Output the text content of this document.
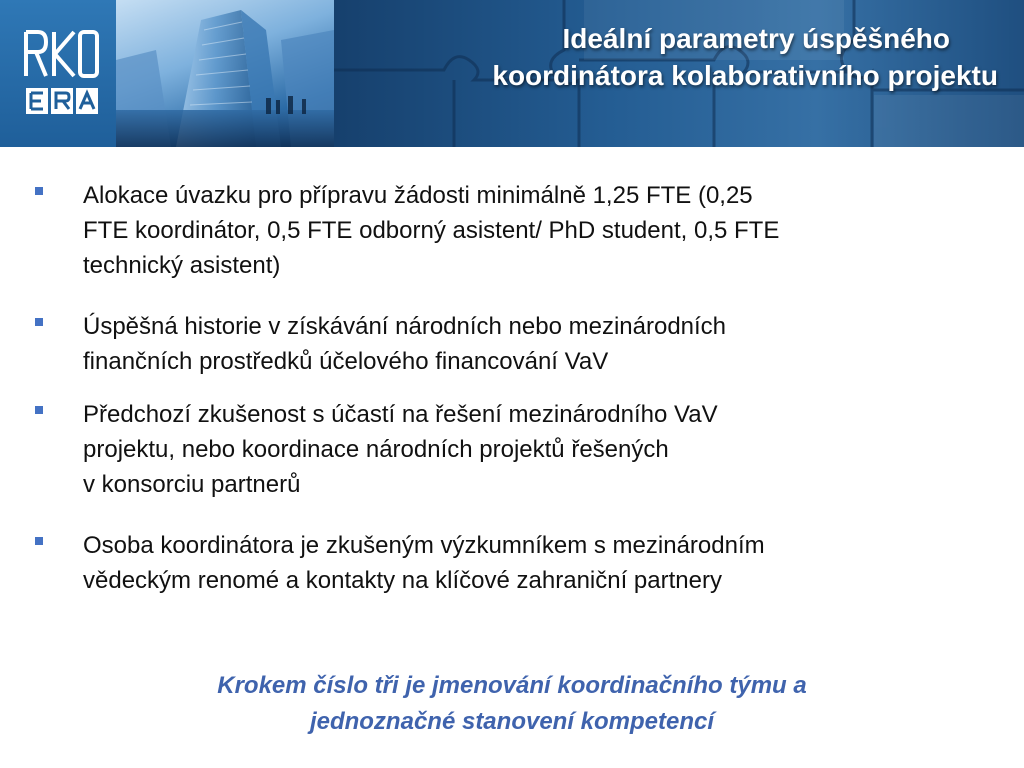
Ideální parametry úspěšného
koordinátora kolaborativního projektu
Alokace úvazku pro přípravu žádosti minimálně 1,25 FTE (0,25
FTE koordinátor, 0,5 FTE odborný asistent/ PhD student, 0,5 FTE
technický asistent)
Úspěšná historie v získávání národních nebo mezinárodních
finančních prostředků účelového financování VaV
Předchozí zkušenost s účastí na řešení mezinárodního VaV
projektu, nebo koordinace národních projektů řešených
v konsorciu partnerů
Osoba koordinátora je zkušeným výzkumníkem s mezinárodním
vědeckým renomé a kontakty na klíčové zahraniční partnery
Krokem číslo tři je jmenování koordinačního týmu a
jednoznačné stanovení kompetencí
